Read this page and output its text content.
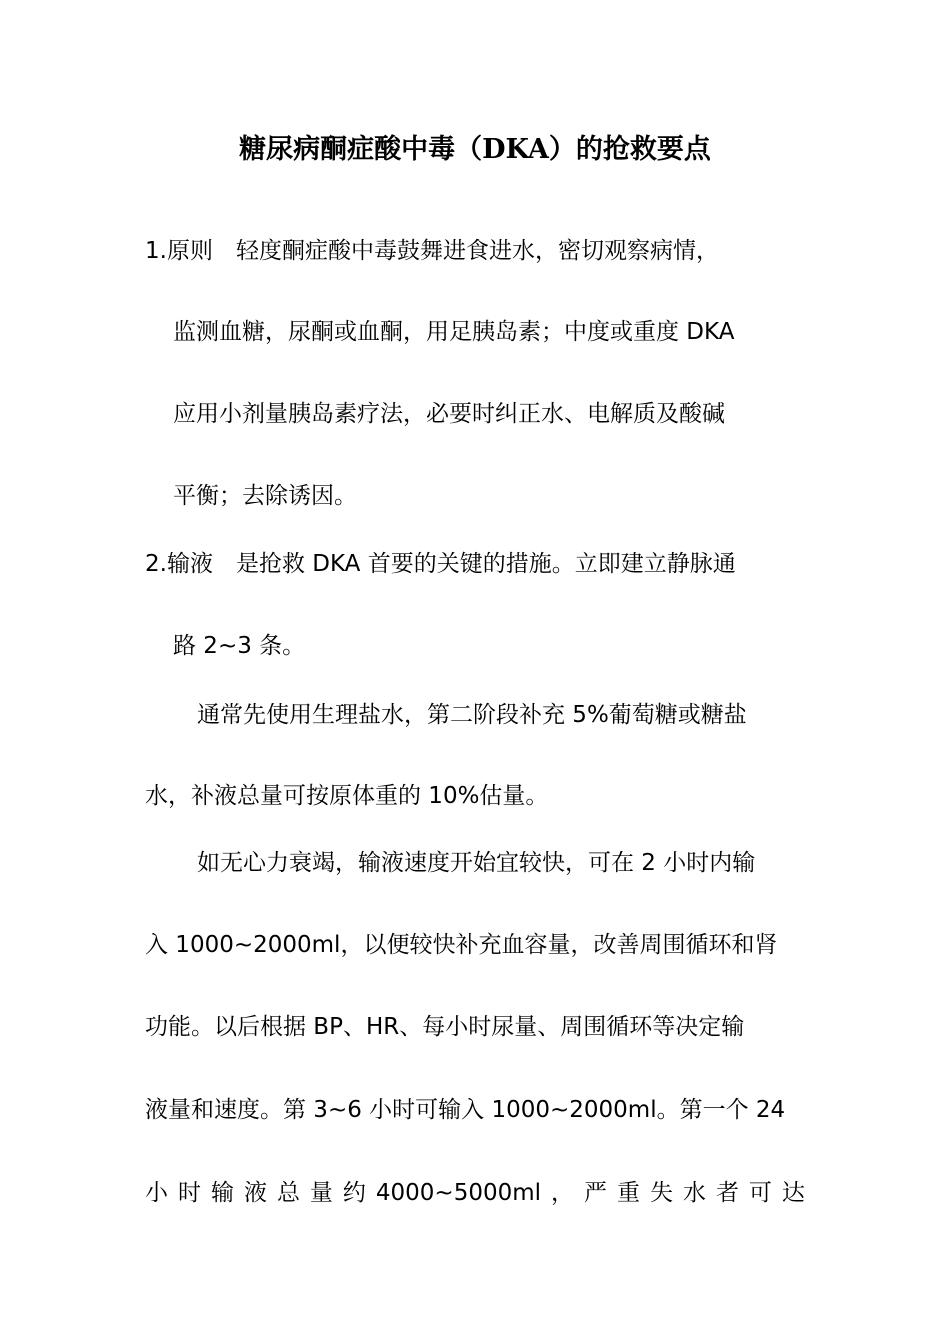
糖尿病酮症酸中毒（DKA）的抢救要点
1.原则　轻度酮症酸中毒鼓舞进食进水，密切观察病情，
监测血糖，尿酮或血酮，用足胰岛素；中度或重度 DKA
应用小剂量胰岛素疗法，必要时纠正水、电解质及酸碱
平衡；去除诱因。
2.输液　是抢救 DKA 首要的关键的措施。立即建立静脉通
路 2~3 条。
通常先使用生理盐水，第二阶段补充 5%葡萄糖或糖盐
水，补液总量可按原体重的 10%估量。
如无心力衰竭，输液速度开始宜较快，可在 2 小时内输
入 1000~2000ml，以便较快补充血容量，改善周围循环和肾
功能。以后根据 BP、HR、每小时尿量、周围循环等决定输
液量和速度。第 3~6 小时可输入 1000~2000ml。第一个 24
小 时 输 液 总 量 约 4000~5000ml ， 严 重 失 水 者 可 达
